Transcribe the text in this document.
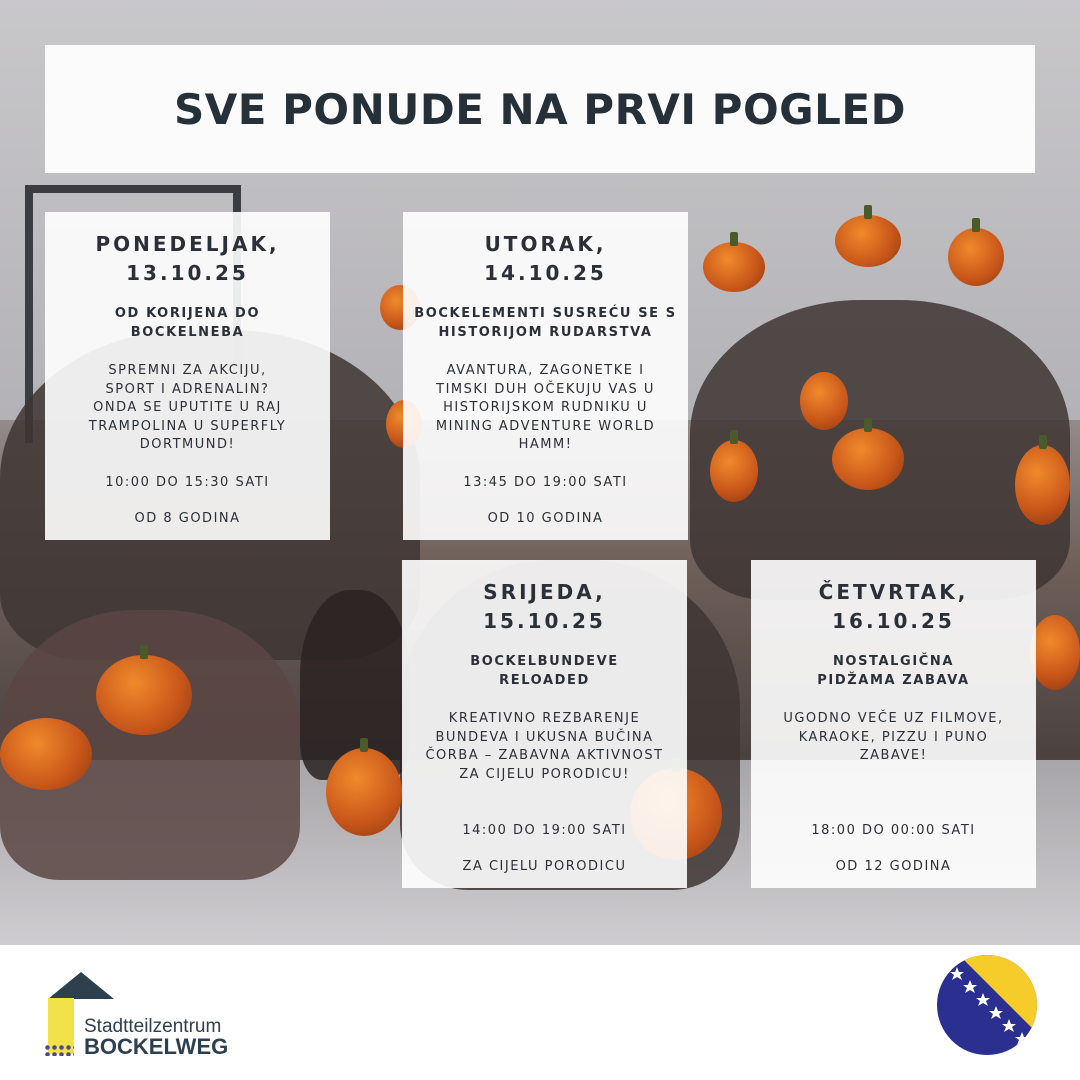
SVE PONUDE NA PRVI POGLED
PONEDELJAK,
13.10.25
OD KORIJENA DO
BOCKELNEBA
SPREMNI ZA AKCIJU,
SPORT I ADRENALIN?
ONDA SE UPUTITE U RAJ
TRAMPOLINA U SUPERFLY
DORTMUND!
10:00 DO 15:30 SATI
OD 8 GODINA
UTORAK,
14.10.25
BOCKELEMENTI SUSREĆU SE S
HISTORIJOM RUDARSTVA
AVANTURA, ZAGONETKE I
TIMSKI DUH OČEKUJU VAS U
HISTORIJSKOM RUDNIKU U
MINING ADVENTURE WORLD
HAMM!
13:45 DO 19:00 SATI
OD 10 GODINA
SRIJEDA,
15.10.25
BOCKELBUNDEVE
RELOADED
KREATIVNO REZBARENJE
BUNDEVA I UKUSNA BUČINA
ČORBA – ZABAVNA AKTIVNOST
ZA CIJELU PORODICU!
14:00 DO 19:00 SATI
ZA CIJELU PORODICU
ČETVRTAK,
16.10.25
NOSTALGIČNA
PIDŽAMA ZABAVA
UGODNO VEČE UZ FILMOVE,
KARAOKE, PIZZU I PUNO
ZABAVE!
18:00 DO 00:00 SATI
OD 12 GODINA
Stadtteilzentrum
BOCKELWEG
